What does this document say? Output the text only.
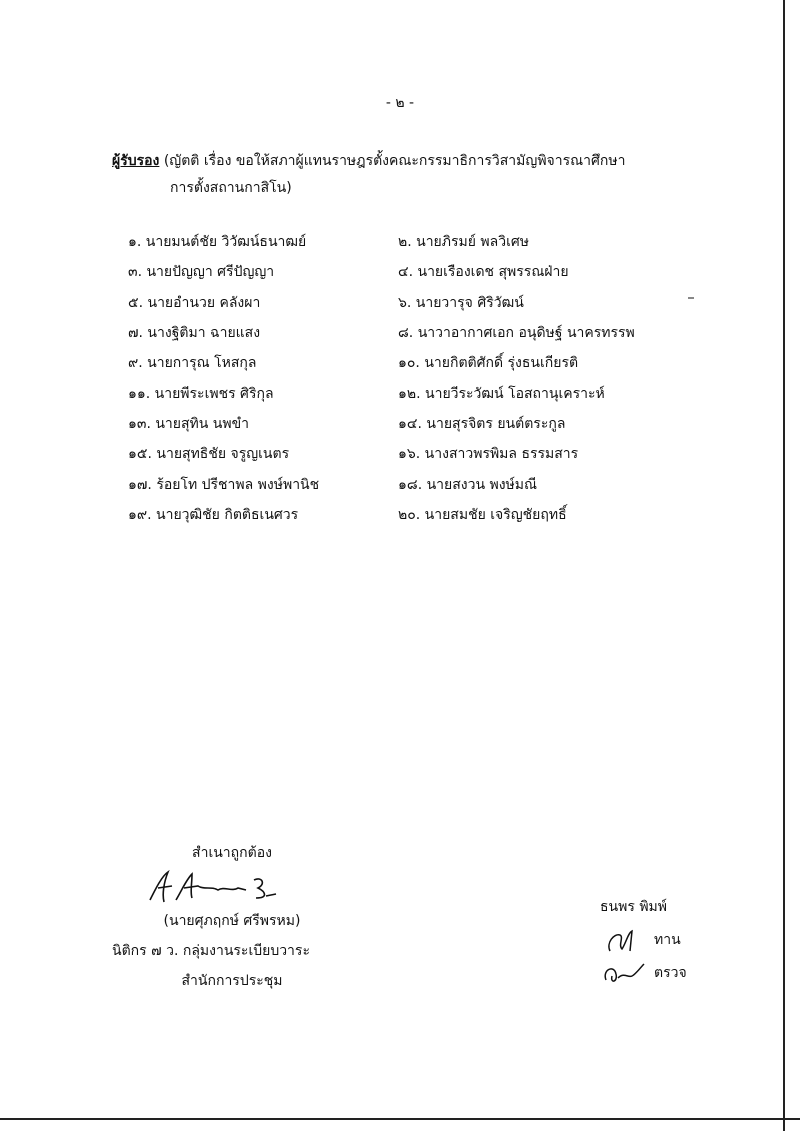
- ๒ -
ผู้รับรอง (ญัตติ เรื่อง ขอให้สภาผู้แทนราษฎรตั้งคณะกรรมาธิการวิสามัญพิจารณาศึกษา
การตั้งสถานกาสิโน)
๑. นายมนต์ชัย วิวัฒน์ธนาฒย์	๒. นายภิรมย์ พลวิเศษ
๓. นายปัญญา ศรีปัญญา	๔. นายเรืองเดช สุพรรณฝ่าย
๕. นายอำนวย คลังผา	๖. นายวารุจ ศิริวัฒน์
๗. นางฐิติมา ฉายแสง	๘. นาวาอากาศเอก อนุดิษฐ์ นาครทรรพ
๙. นายการุณ โหสกุล	๑๐. นายกิตติศักดิ์ รุ่งธนเกียรติ
๑๑. นายพีระเพชร ศิริกุล	๑๒. นายวีระวัฒน์ โอสถานุเคราะห์
๑๓. นายสุทิน นพขำ	๑๔. นายสุรจิตร ยนต์ตระกูล
๑๕. นายสุทธิชัย จรูญเนตร	๑๖. นางสาวพรพิมล ธรรมสาร
๑๗. ร้อยโท ปรีชาพล พงษ์พานิช	๑๘. นายสงวน พงษ์มณี
๑๙. นายวุฒิชัย กิตติธเนศวร	๒๐. นายสมชัย เจริญชัยฤทธิ์
สำเนาถูกต้อง
(นายศุภฤกษ์ ศรีพรหม)
นิติกร ๗ ว. กลุ่มงานระเบียบวาระ
สำนักการประชุม
ธนพร พิมพ์
ทาน
ตรวจ
